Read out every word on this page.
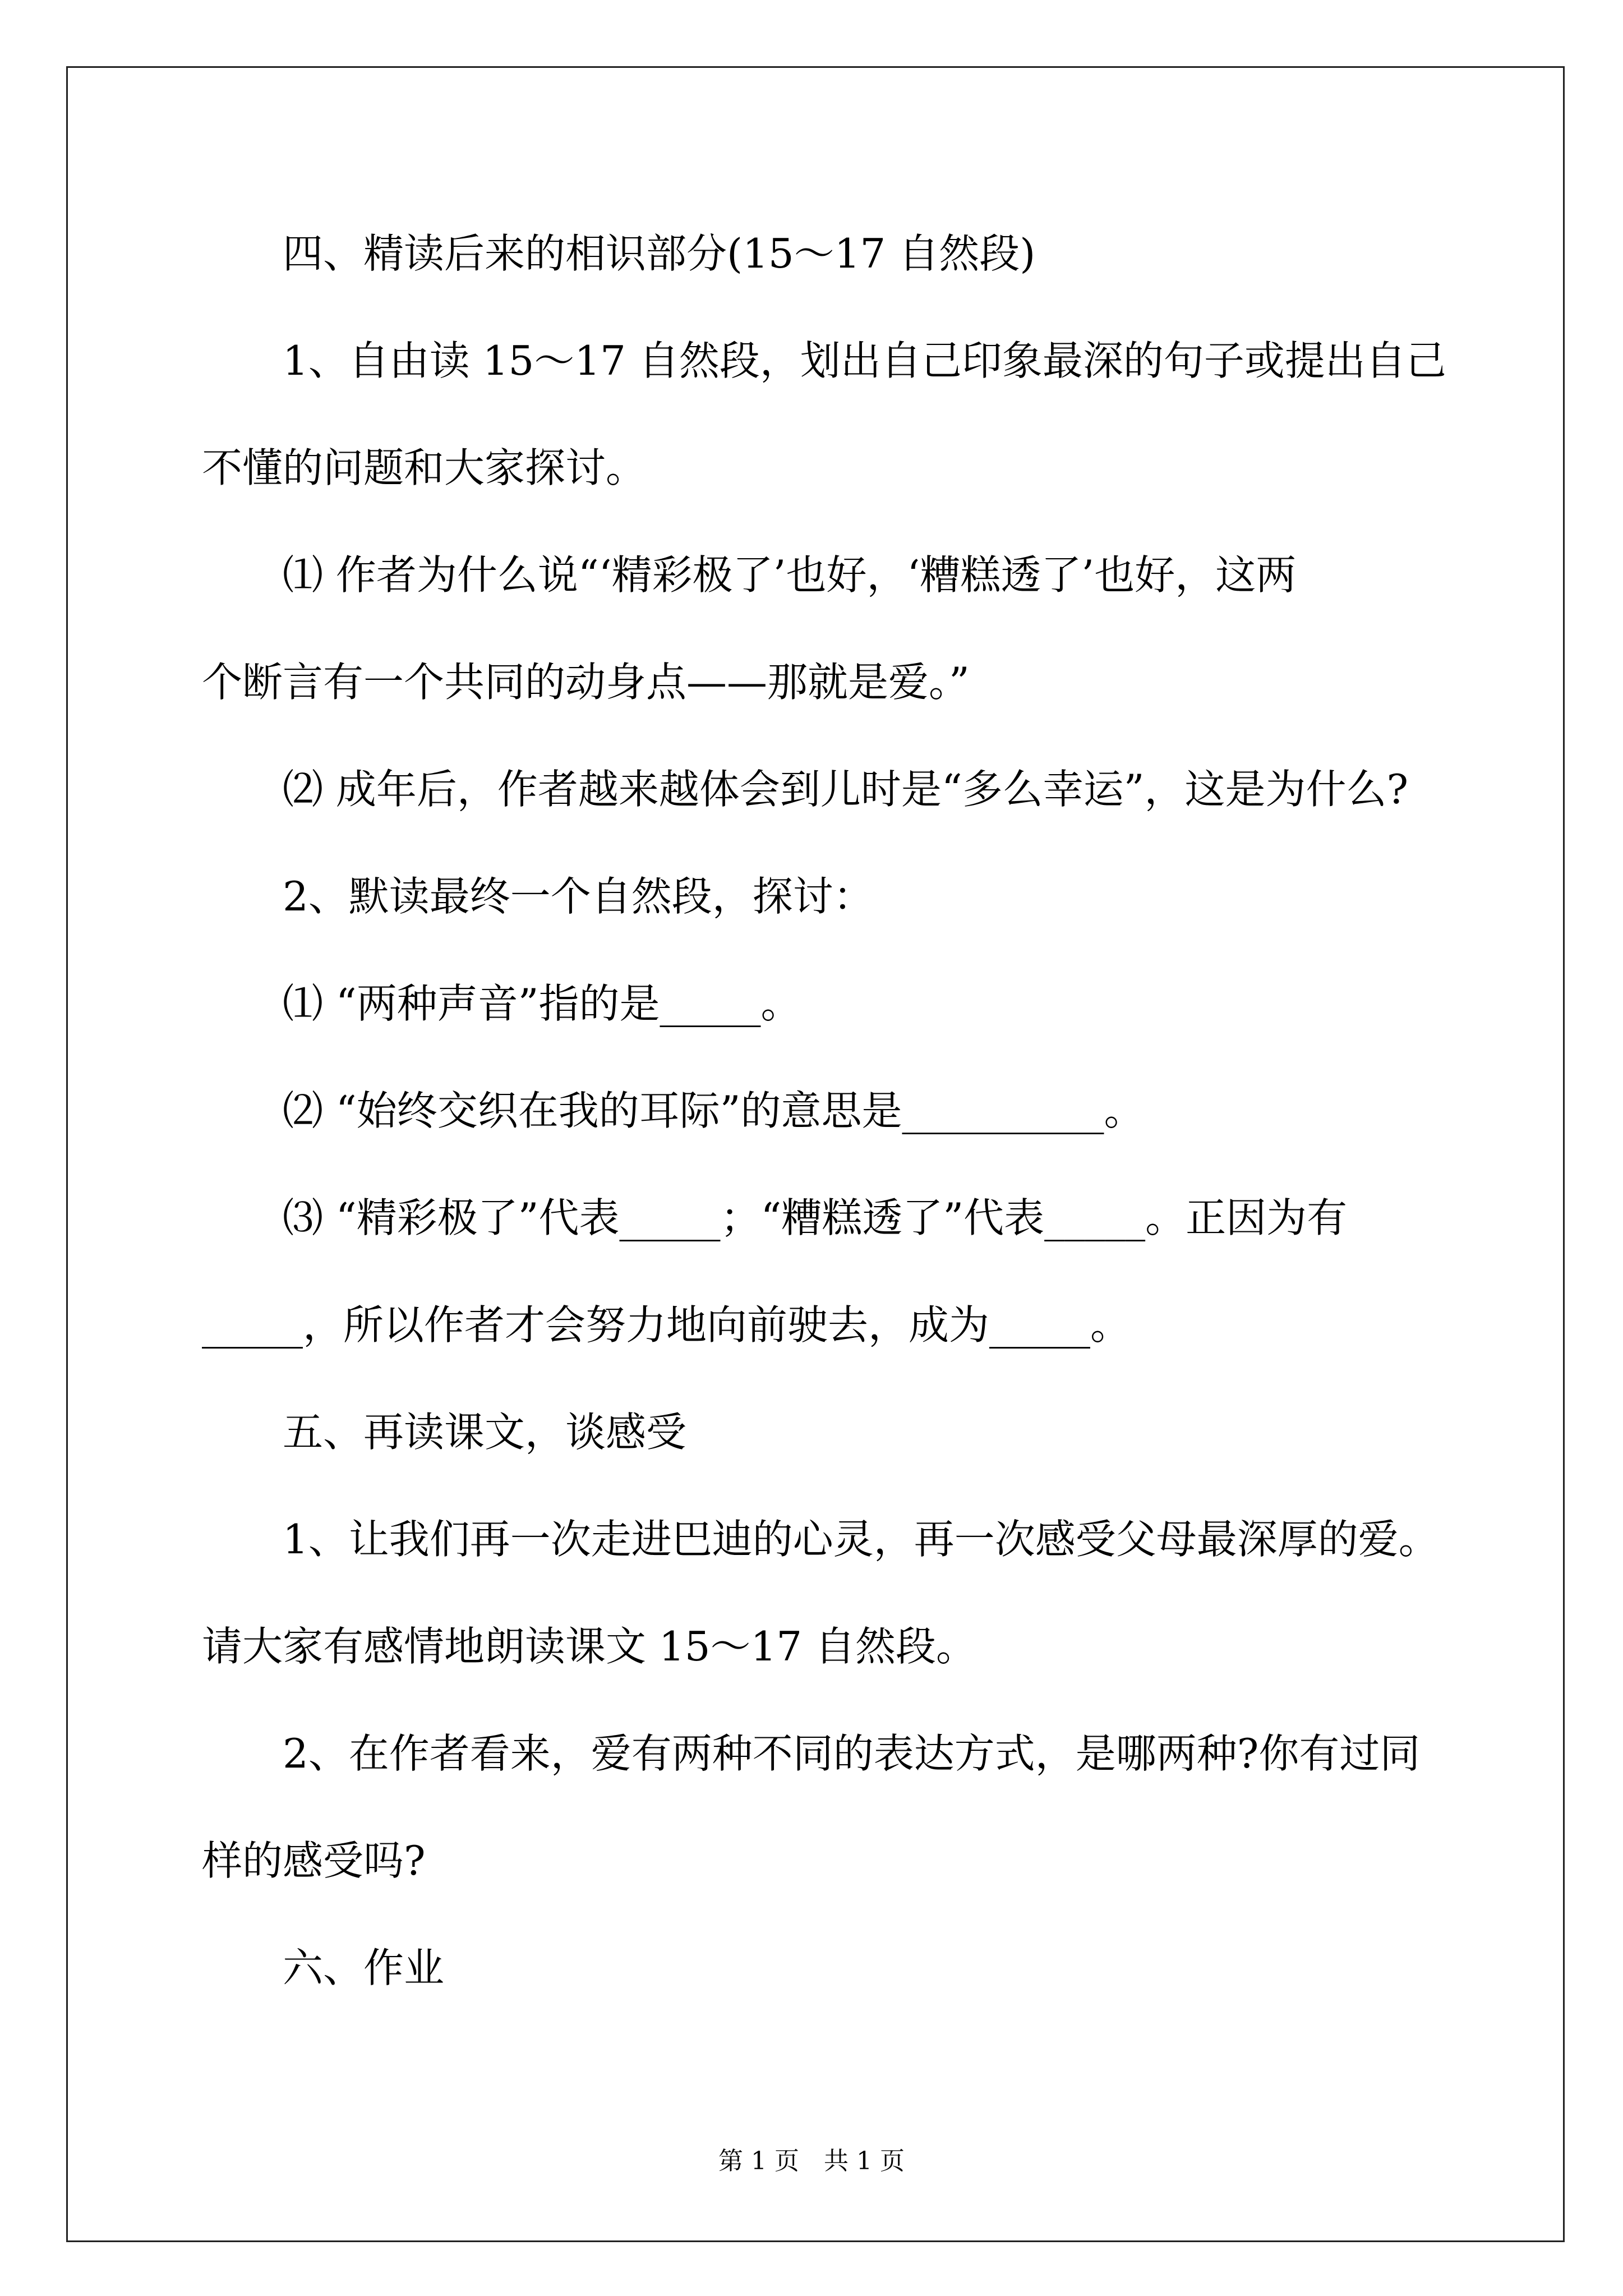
四、精读后来的相识部分(15～17 自然段)
1、自由读 15～17 自然段，划出自己印象最深的句子或提出自己
不懂的问题和大家探讨。
⑴ 作者为什么说“‘精彩极了’也好，‘糟糕透了’也好，这两
个断言有一个共同的动身点——那就是爱。”
⑵ 成年后，作者越来越体会到儿时是“多么幸运”，这是为什么?
2、默读最终一个自然段，探讨：
⑴ “两种声音”指的是_____。
⑵ “始终交织在我的耳际”的意思是__________。
⑶ “精彩极了”代表_____；“糟糕透了”代表_____。正因为有
_____，所以作者才会努力地向前驶去，成为_____。
五、再读课文，谈感受
1、让我们再一次走进巴迪的心灵，再一次感受父母最深厚的爱。
请大家有感情地朗读课文 15～17 自然段。
2、在作者看来，爱有两种不同的表达方式，是哪两种?你有过同
样的感受吗?
六、作业
第 1 页　共 1 页
